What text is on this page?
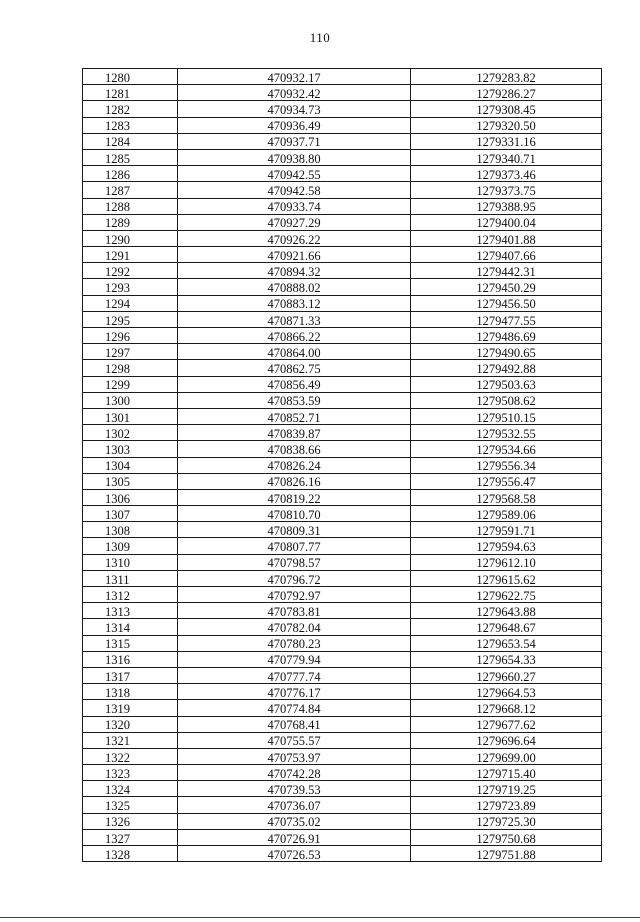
110
1280	470932.17	1279283.82
1281	470932.42	1279286.27
1282	470934.73	1279308.45
1283	470936.49	1279320.50
1284	470937.71	1279331.16
1285	470938.80	1279340.71
1286	470942.55	1279373.46
1287	470942.58	1279373.75
1288	470933.74	1279388.95
1289	470927.29	1279400.04
1290	470926.22	1279401.88
1291	470921.66	1279407.66
1292	470894.32	1279442.31
1293	470888.02	1279450.29
1294	470883.12	1279456.50
1295	470871.33	1279477.55
1296	470866.22	1279486.69
1297	470864.00	1279490.65
1298	470862.75	1279492.88
1299	470856.49	1279503.63
1300	470853.59	1279508.62
1301	470852.71	1279510.15
1302	470839.87	1279532.55
1303	470838.66	1279534.66
1304	470826.24	1279556.34
1305	470826.16	1279556.47
1306	470819.22	1279568.58
1307	470810.70	1279589.06
1308	470809.31	1279591.71
1309	470807.77	1279594.63
1310	470798.57	1279612.10
1311	470796.72	1279615.62
1312	470792.97	1279622.75
1313	470783.81	1279643.88
1314	470782.04	1279648.67
1315	470780.23	1279653.54
1316	470779.94	1279654.33
1317	470777.74	1279660.27
1318	470776.17	1279664.53
1319	470774.84	1279668.12
1320	470768.41	1279677.62
1321	470755.57	1279696.64
1322	470753.97	1279699.00
1323	470742.28	1279715.40
1324	470739.53	1279719.25
1325	470736.07	1279723.89
1326	470735.02	1279725.30
1327	470726.91	1279750.68
1328	470726.53	1279751.88
